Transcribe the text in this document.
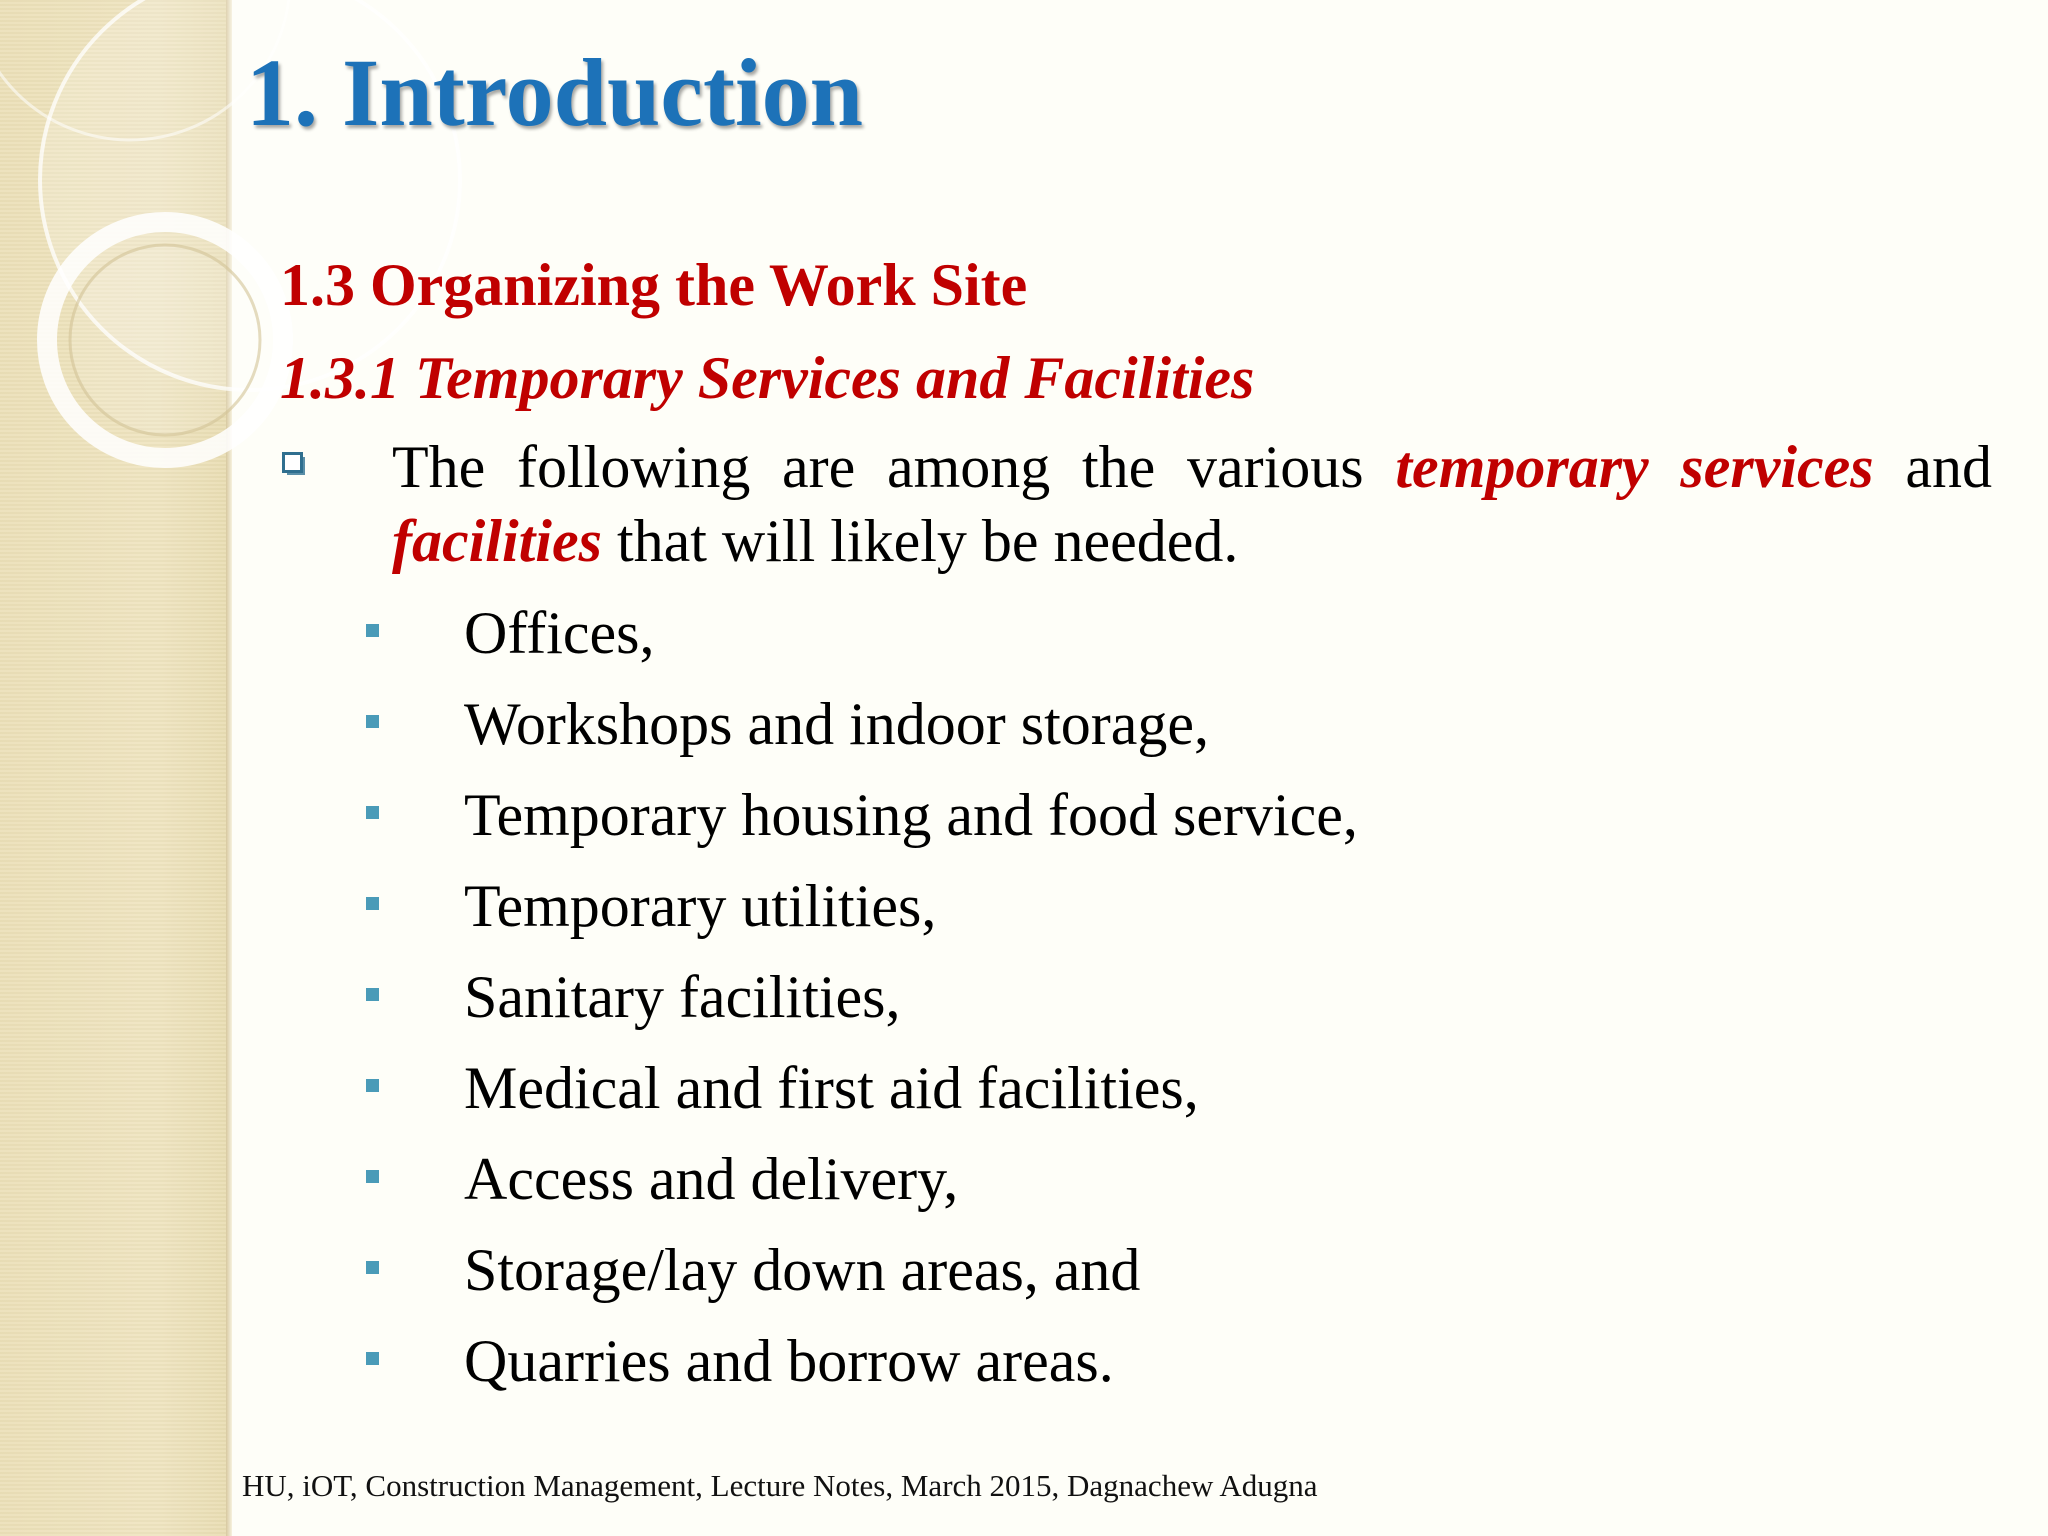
1. Introduction
1.3 Organizing the Work Site
1.3.1 Temporary Services and Facilities

The following are among the various temporary services and facilities that will likely be needed.

Offices,
Workshops and indoor storage,
Temporary housing and food service,
Temporary utilities,
Sanitary facilities,
Medical and first aid facilities,
Access and delivery,
Storage/lay down areas, and
Quarries and borrow areas.

HU, iOT, Construction Management, Lecture Notes, March 2015, Dagnachew Adugna
